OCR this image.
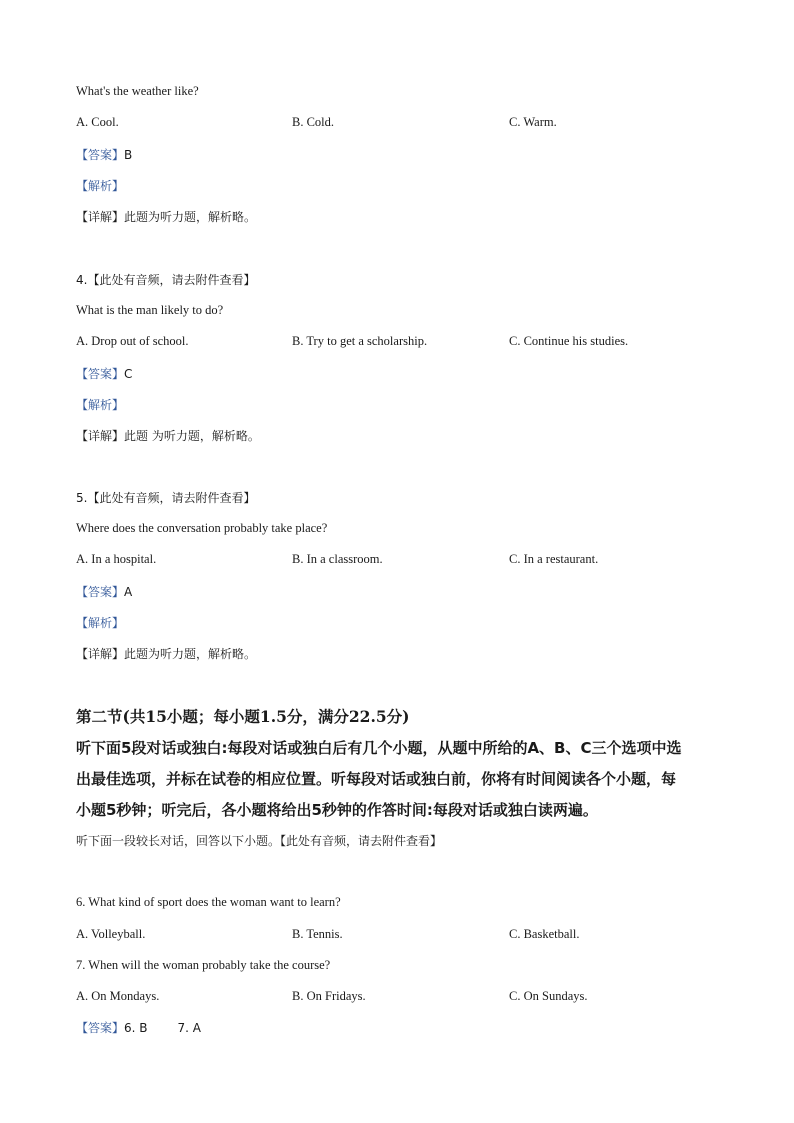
What's the weather like?
A. Cool.	B. Cold.	C. Warm.
【答案】B
【解析】
【详解】此题为听力题，解析略。
4.【此处有音频，请去附件查看】
What is the man likely to do?
A. Drop out of school.	B. Try to get a scholarship.	C. Continue his studies.
【答案】C
【解析】
【详解】此题 为听力题，解析略。
5.【此处有音频，请去附件查看】
Where does the conversation probably take place?
A. In a hospital.	B. In a classroom.	C. In a restaurant.
【答案】A
【解析】
【详解】此题为听力题，解析略。
第二节(共15小题；每小题1.5分，满分22.5分)
听下面5段对话或独白:每段对话或独白后有几个小题，从题中所给的A、B、C三个选项中选
出最佳选项，并标在试卷的相应位置。听每段对话或独白前，你将有时间阅读各个小题，每
小题5秒钟；听完后，各小题将给出5秒钟的作答时间:每段对话或独白读两遍。
听下面一段较长对话，回答以下小题。【此处有音频，请去附件查看】
6. What kind of sport does the woman want to learn?
A. Volleyball.	B. Tennis.	C. Basketball.
7. When will the woman probably take the course?
A. On Mondays.	B. On Fridays.	C. On Sundays.
【答案】6. B	7. A
